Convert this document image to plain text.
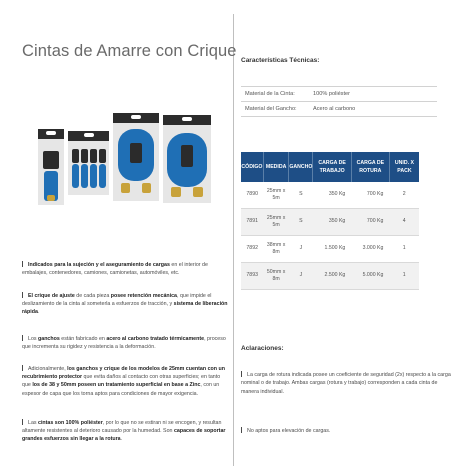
Cintas de Amarre con Crique
Indicados para la sujeción y el aseguramiento de cargas en el interior de embalajes, contenedores, camiones, camionetas, automóviles, etc.
El crique de ajuste de cada pieza posee retención mecánica, que impide el deslizamiento de la cinta al someterla a esfuerzos de tracción, y sistema de liberación rápida.
Los ganchos están fabricado en acero al carbono tratado térmicamente, proceso que incrementa su rigidez y resistencia a la deformación.
Adicionalmente, los ganchos y crique de los modelos de 25mm cuentan con un recubrimiento protector que evita daños al contacto con otras superficies; en tanto que los de 38 y 50mm poseen un tratamiento superficial en base a Zinc, con un espesor de capa que los torna aptos para condiciones de mayor exigencia.
Las cintas son 100% poliéster, por lo que no se estiran ni se encogen, y resultan altamente resistentes al deterioro causado por la humedad. Son capaces de soportar grandes esfuerzos sin llegar a la rotura.
Características Técnicas:
Material de la Cinta:	100% poliéster
Material del Gancho:	Acero al carbono
CÓDIGO	MEDIDA	GANCHO	CARGA DE TRABAJO	CARGA DE ROTURA	UNID. X PACK
7890	25mm x 5m	S	350 Kg	700 Kg	2
7891	25mm x 5m	S	350 Kg	700 Kg	4
7892	38mm x 8m	J	1.500 Kg	3.000 Kg	1
7893	50mm x 8m	J	2.500 Kg	5.000 Kg	1
Aclaraciones:
La carga de rotura indicada posee un coeficiente de seguridad (2x) respecto a la carga nominal o de trabajo. Ambas cargas (rotura y trabajo) corresponden a cada cinta de manera individual.
No aptos para elevación de cargas.
